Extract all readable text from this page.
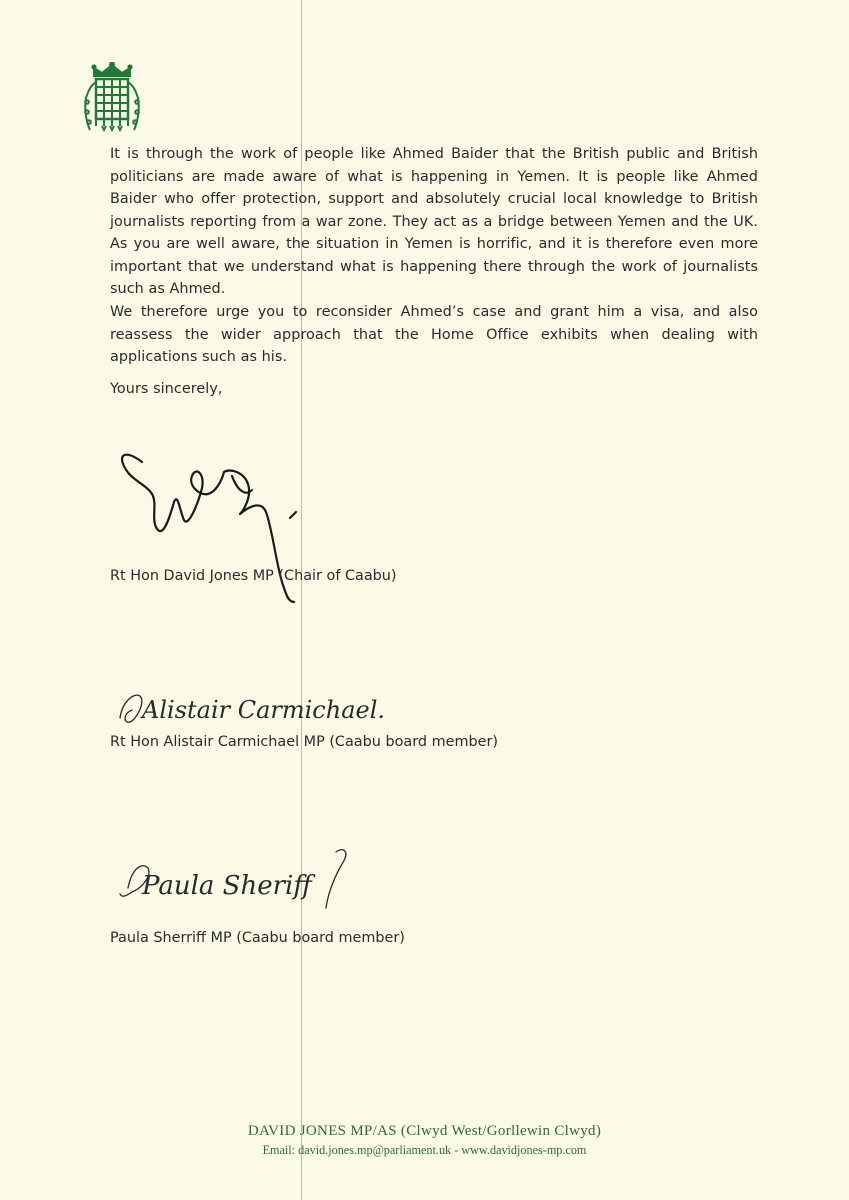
It is through the work of people like Ahmed Baider that the British public and British politicians are made aware of what is happening in Yemen. It is people like Ahmed Baider who offer protection, support and absolutely crucial local knowledge to British journalists reporting from a war zone. They act as a bridge between Yemen and the UK. As you are well aware, the situation in Yemen is horrific, and it is therefore even more important that we understand what is happening there through the work of journalists such as Ahmed.

We therefore urge you to reconsider Ahmed’s case and grant him a visa, and also reassess the wider approach that the Home Office exhibits when dealing with applications such as his.

Yours sincerely,

Rt Hon David Jones MP (Chair of Caabu)

Alistair Carmichael.

Rt Hon Alistair Carmichael MP (Caabu board member)

Paula Sheriff

Paula Sherriff MP (Caabu board member)

DAVID JONES MP/AS (Clwyd West/Gorllewin Clwyd)
Email: david.jones.mp@parliament.uk - www.davidjones-mp.com
